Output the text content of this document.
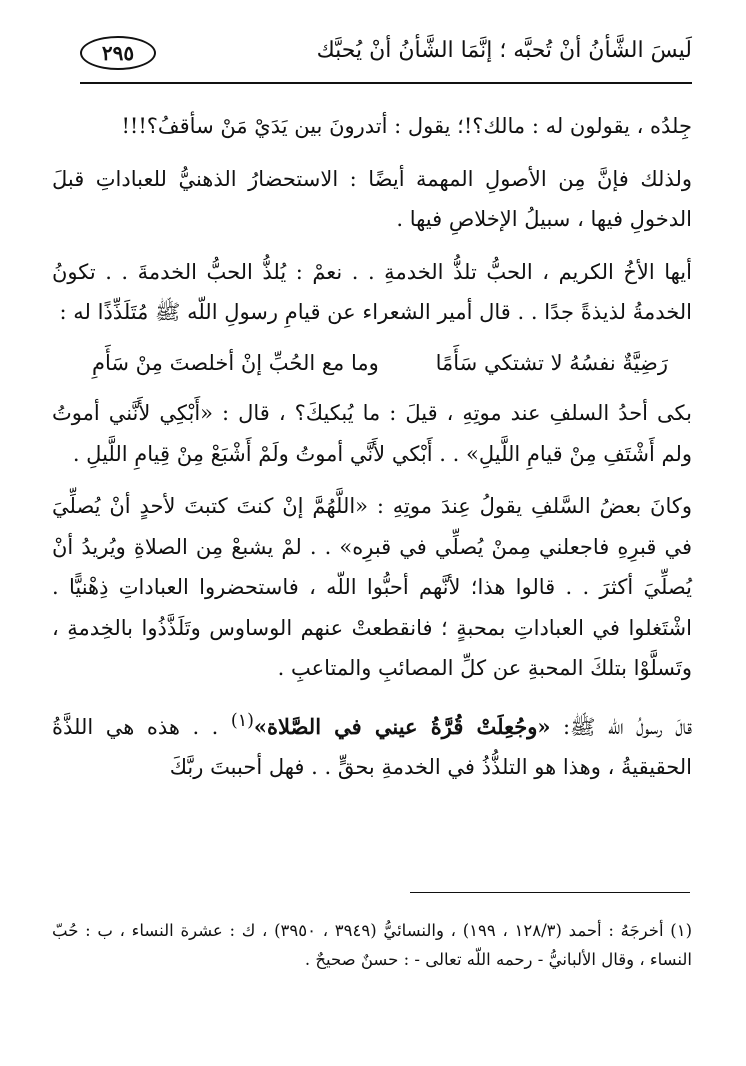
٢٩٥	لَيسَ الشَّأنُ أنْ تُحبَّه ؛ إنَّمَا الشَّأنُ أنْ يُحبَّك

جِلدُه ، يقولون له : مالك؟!؛ يقول : أتدرونَ بين يَدَيْ مَنْ سأقفُ؟!!!

ولذلك فإنَّ مِن الأصولِ المهمة أيضًا : الاستحضارُ الذهنيُّ للعباداتِ قبلَ الدخولِ فيها ، سبيلُ الإخلاصِ فيها .

أيها الأخُ الكريم ، الحبُّ تلذُّ الخدمةِ . . نعمْ : يُلذُّ الحبُّ الخدمةَ . . تكونُ الخدمةُ لذيذةً جدًا . . قال أمير الشعراء عن قيامِ رسولِ اللّه ﷺ مُتَلَذِّذًا له :

رَضِيَّةٌ نفسُهُ لا تشتكي سَأَمًا
وما مع الحُبِّ إنْ أخلصتَ مِنْ سَأَمِ

بكى أحدُ السلفِ عند موتِهِ ، قيلَ : ما يُبكيكَ؟ ، قال : «أَبْكِي لأَنَّني أموتُ ولم أَشْتَفِ مِنْ قيامِ اللَّيلِ» . . أَبْكي لأَنَّي أموتُ ولَمْ أَشْبَعْ مِنْ قِيامِ اللَّيلِ .

وكانَ بعضُ السَّلفِ يقولُ عِندَ موتِهِ : «اللَّهُمَّ إنْ كنتَ كتبتَ لأحدٍ أنْ يُصلِّيَ في قبرِهِ فاجعلني مِمنْ يُصلِّي في قبرِه» . . لمْ يشبعْ مِن الصلاةِ ويُريدُ أنْ يُصلِّيَ أكثرَ . . قالوا هذا؛ لأنَّهم أحبُّوا اللّه ، فاستحضروا العباداتِ ذِهْنيًّا . اشْتَغلوا في العباداتِ بمحبةٍ ؛ فانقطعتْ عنهم الوساوس وتَلَذَّذُوا بالخِدمةِ ، وتَسلَّوْا بتلكَ المحبةِ عن كلِّ المصائبِ والمتاعبِ .

قالَ رسولُ اللّه ﷺ: «وجُعِلَتْ قُرَّةُ عيني في الصَّلاة»$^{(١)}$ . . هذه هي اللذَّةُ الحقيقيةُ ، وهذا هو التلذُّذُ في الخدمةِ بحقٍّ . . فهل أحببتَ ربَّكَ

(١) أخرجَهُ : أحمد (١٢٨/٣ ، ١٩٩) ، والنسائيُّ (٣٩٤٩ ، ٣٩٥٠) ، ك : عشرة النساء ، ب : حُبّ النساء ، وقال الألبانيُّ - رحمه اللّه تعالى - : حسنٌ صحيحٌ .
